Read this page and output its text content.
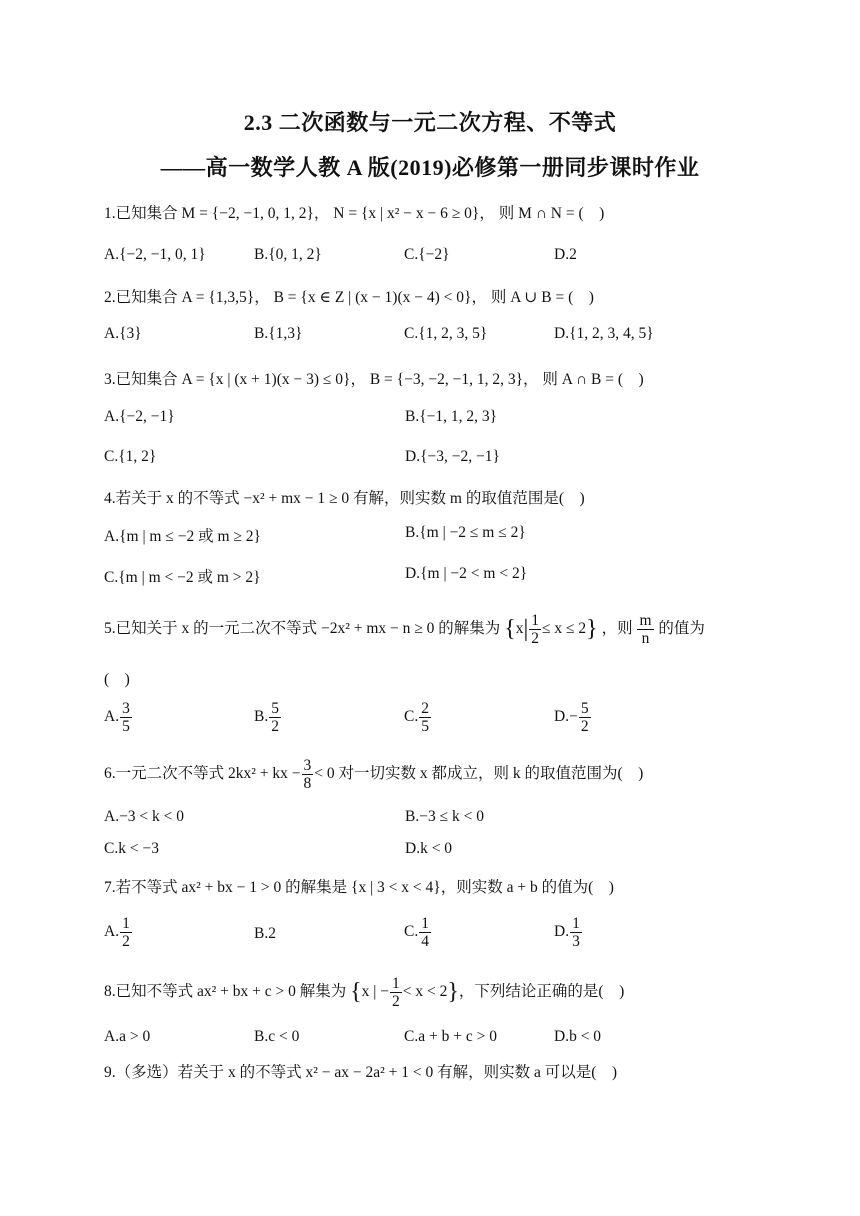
2.3 二次函数与一元二次方程、不等式
——高一数学人教 A 版(2019)必修第一册同步课时作业
1.已知集合 M = {−2, −1, 0, 1, 2}， N = {x | x² − x − 6 ≥ 0}， 则 M ∩ N = (　)
A.{−2, −1, 0, 1}	B.{0, 1, 2}	C.{−2}	D.2
2.已知集合 A = {1,3,5}， B = {x ∈ Z | (x − 1)(x − 4) < 0}， 则 A ∪ B = (　)
A.{3}	B.{1,3}	C.{1, 2, 3, 5}	D.{1, 2, 3, 4, 5}
3.已知集合 A = {x | (x + 1)(x − 3) ≤ 0}， B = {−3, −2, −1, 1, 2, 3}， 则 A ∩ B = (　)
A.{−2, −1}	B.{−1, 1, 2, 3}
C.{1, 2}	D.{−3, −2, −1}
4.若关于 x 的不等式 −x² + mx − 1 ≥ 0 有解，则实数 m 的取值范围是(　)
A.{m | m ≤ −2 或 m ≥ 2}	B.{m | −2 ≤ m ≤ 2}
C.{m | m < −2 或 m > 2}	D.{m | −2 < m < 2}
5.已知关于 x 的一元二次不等式 −2x² + mx − n ≥ 0 的解集为 $\{x| \frac{1}{2} \le x \le 2\}$ ，则 $\frac{m}{n}$ 的值为
(　)
A. $\frac{3}{5}$	B. $\frac{5}{2}$	C. $\frac{2}{5}$	$D.- \frac{5}{2}$
6.一元二次不等式 2kx² + kx − $\frac{3}{8} < 0$ 对一切实数 x 都成立，则 k 的取值范围为(　)
A.−3 < k < 0	B.−3 ≤ k < 0
C.k < −3	D.k < 0
7.若不等式 ax² + bx − 1 > 0 的解集是 {x | 3 < x < 4}，则实数 a + b 的值为(　)
A. $\frac{1}{2}$	B.2	C. $\frac{1}{4}$	D. $\frac{1}{3}$
8.已知不等式 ax² + bx + c > 0 解集为 {x | − $\frac{1}{2} < x < 2$}，下列结论正确的是(　)
A.a > 0	B.c < 0	C.a + b + c > 0	D.b < 0
9.（多选）若关于 x 的不等式 x² − ax − 2a² + 1 < 0 有解，则实数 a 可以是(　)
